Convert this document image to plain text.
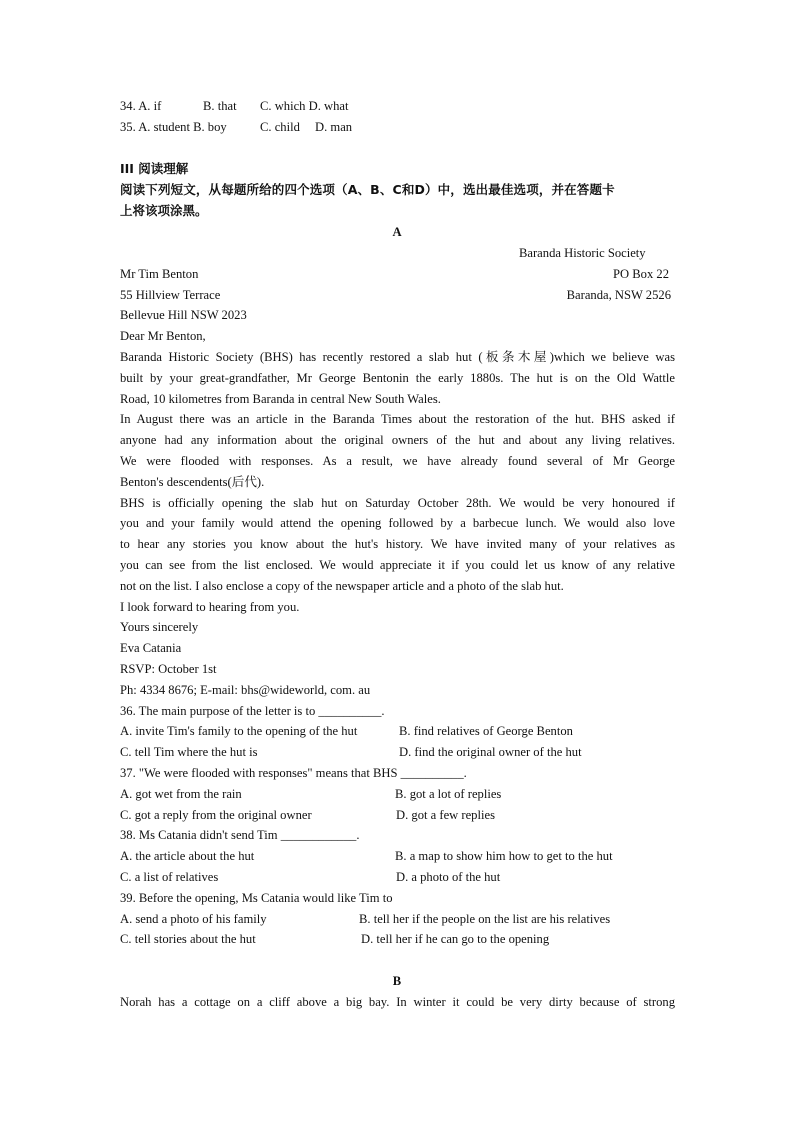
34. A. if	B. that C. which D. what
35. A. student B. boy	C. child D. man
III 阅读理解
阅读下列短文，从每题所给的四个选项（A、B、C和D）中，选出最佳选项，并在答题卡
上将该项涂黑。
A
Baranda Historic Society
Mr Tim Benton	PO Box 22
55 Hillview Terrace	Baranda, NSW 2526
Bellevue Hill NSW 2023
Dear Mr Benton,
Baranda Historic Society (BHS) has recently restored a slab hut (板条木屋)which we believe was
built by your great-grandfather, Mr George Bentonin the early 1880s. The hut is on the Old Wattle
Road, 10 kilometres from Baranda in central New South Wales.
In August there was an article in the Baranda Times about the restoration of the hut. BHS asked if
anyone had any information about the original owners of the hut and about any living relatives.
We were flooded with responses. As a result, we have already found several of Mr George
Benton's descendents(后代).
BHS is officially opening the slab hut on Saturday October 28th. We would be very honoured if
you and your family would attend the opening followed by a barbecue lunch. We would also love
to hear any stories you know about the hut's history. We have invited many of your relatives as
you can see from the list enclosed. We would appreciate it if you could let us know of any relative
not on the list. I also enclose a copy of the newspaper article and a photo of the slab hut.
I look forward to hearing from you.
Yours sincerely
Eva Catania
RSVP: October 1st
Ph: 4334 8676; E-mail: bhs@wideworld, com. au
36. The main purpose of the letter is to __________.
A. invite Tim's family to the opening of the hut	B. find relatives of George Benton
C. tell Tim where the hut is	D. find the original owner of the hut
37. "We were flooded with responses" means that BHS __________.
A. got wet from the rain	B. got a lot of replies
C. got a reply from the original owner	D. got a few replies
38. Ms Catania didn't send Tim ____________.
A. the article about the hut	B. a map to show him how to get to the hut
C. a list of relatives	D. a photo of the hut
39. Before the opening, Ms Catania would like Tim to
A. send a photo of his family	B. tell her if the people on the list are his relatives
C. tell stories about the hut	D. tell her if he can go to the opening
B
Norah has a cottage on a cliff above a big bay. In winter it could be very dirty because of strong
